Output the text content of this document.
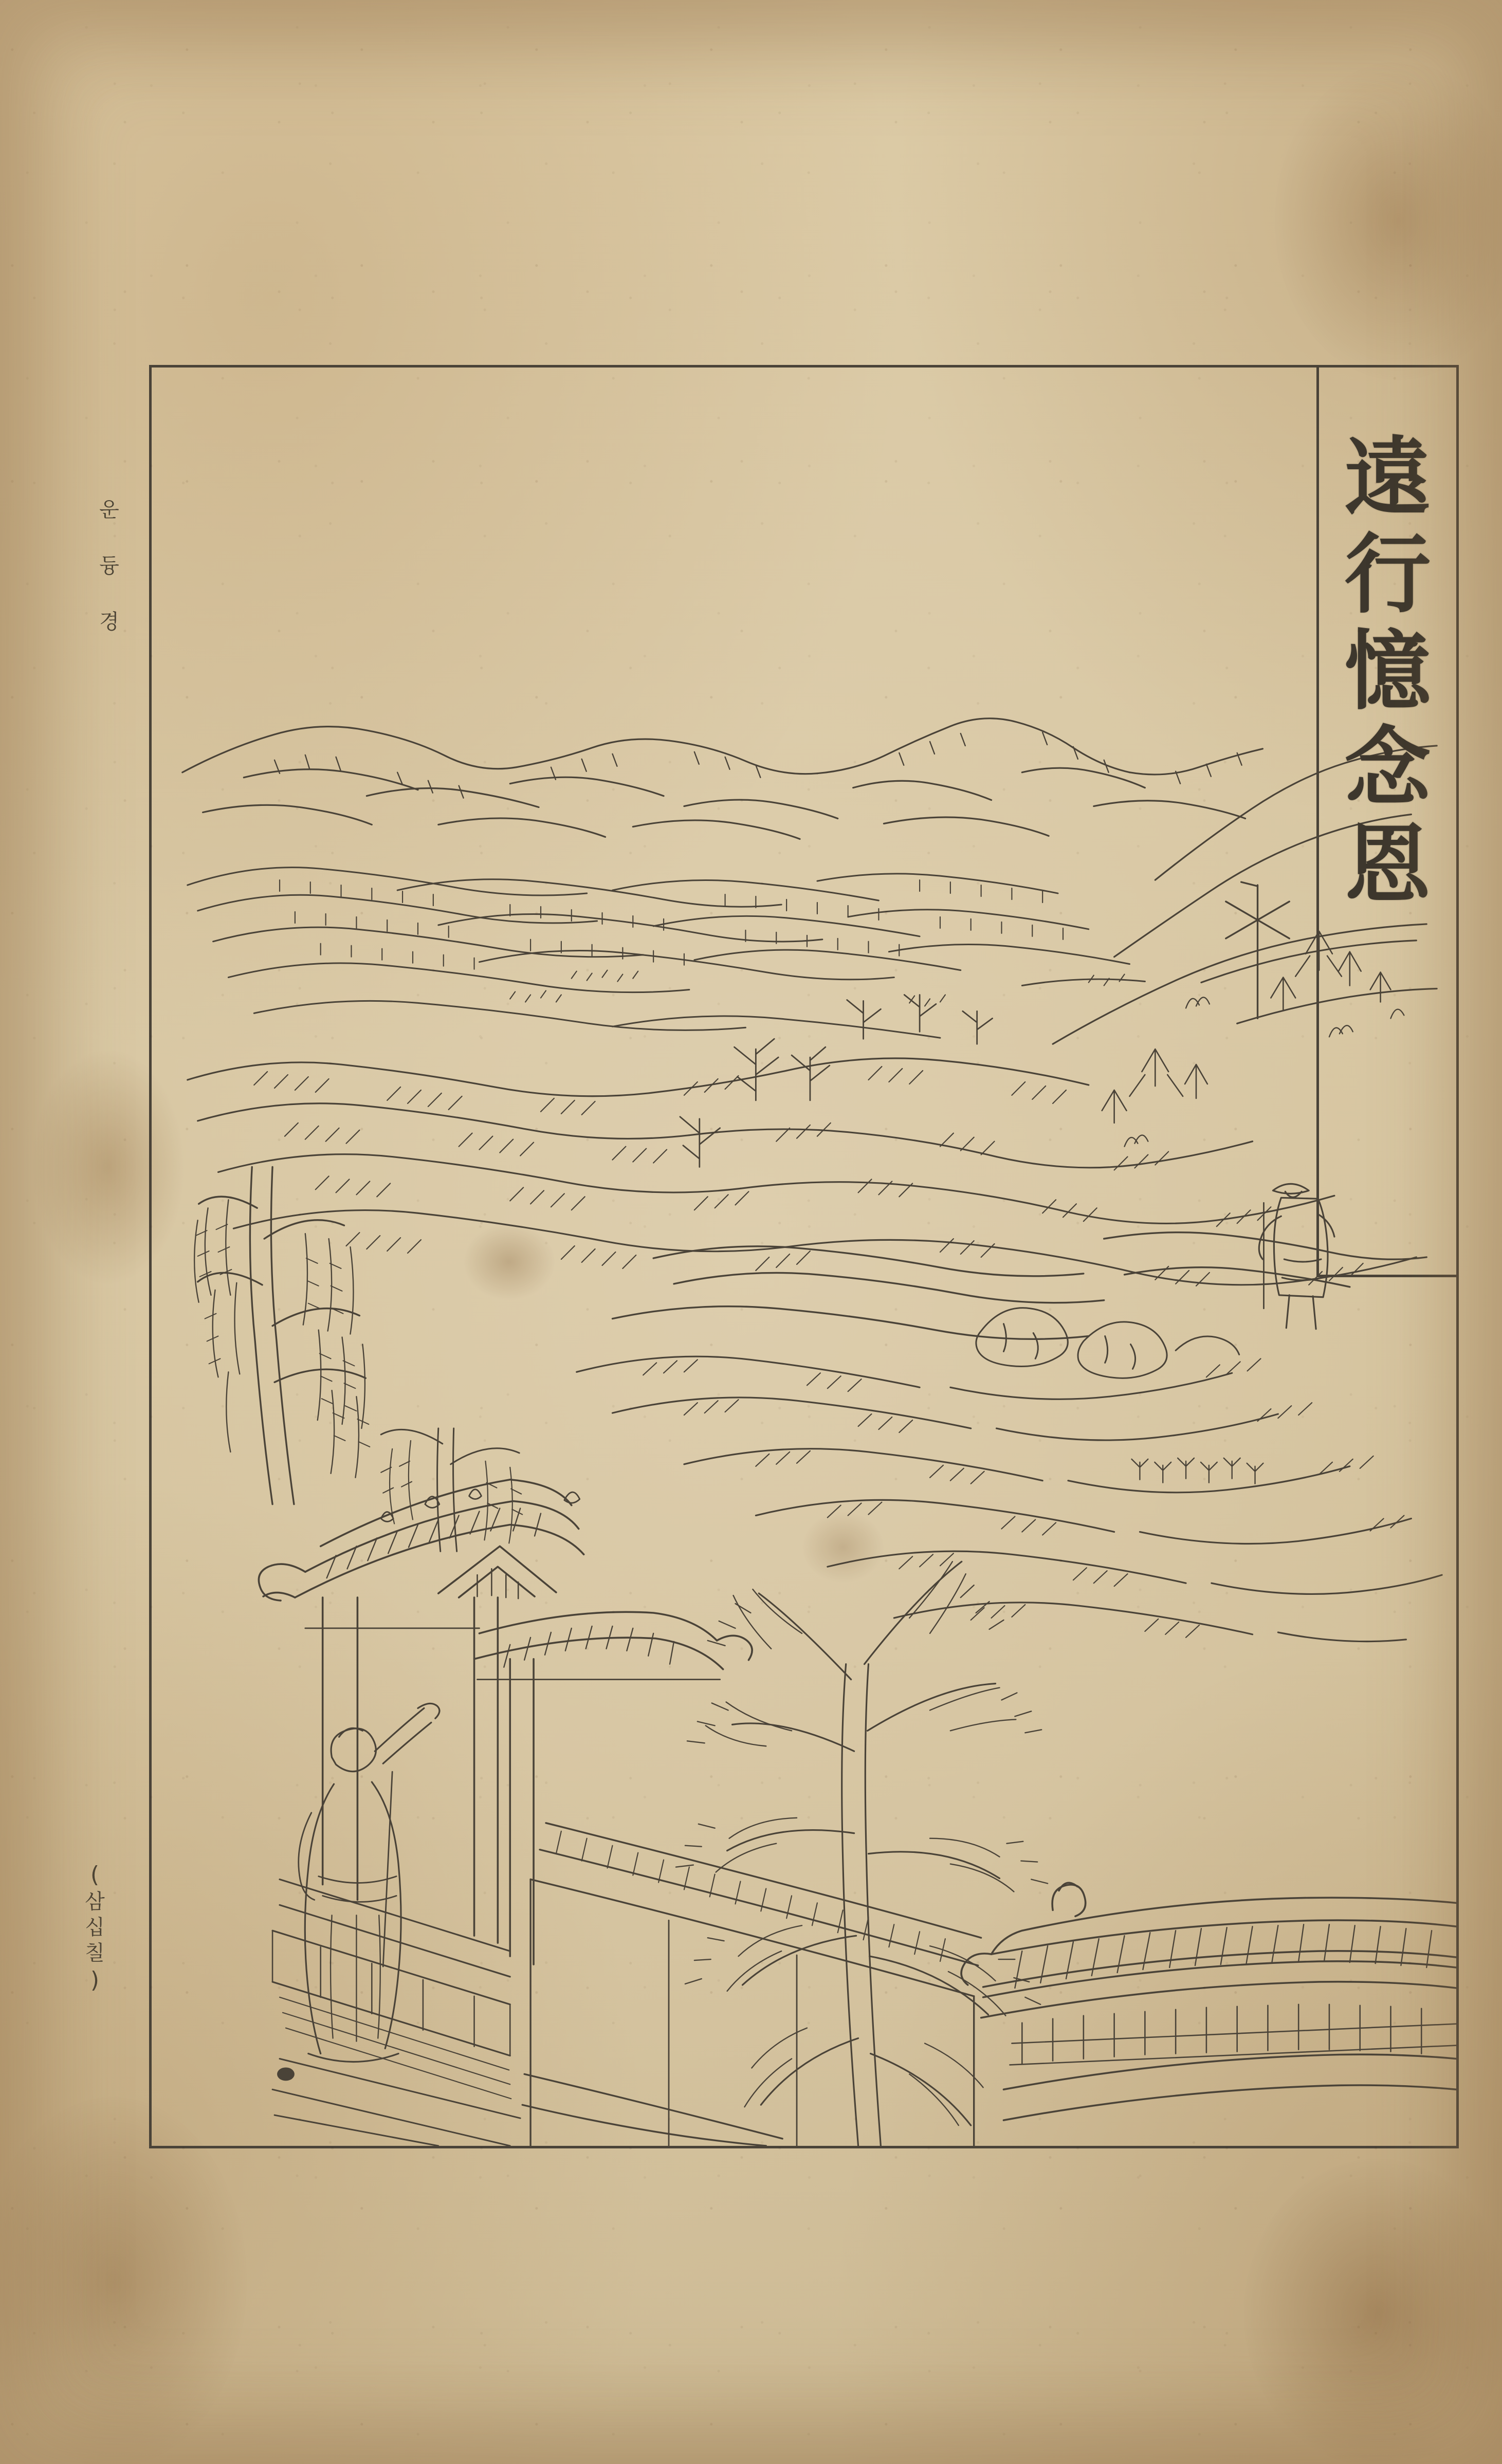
운
듕
경
(
삼
십
칠
)
遠
行
憶
念
恩
